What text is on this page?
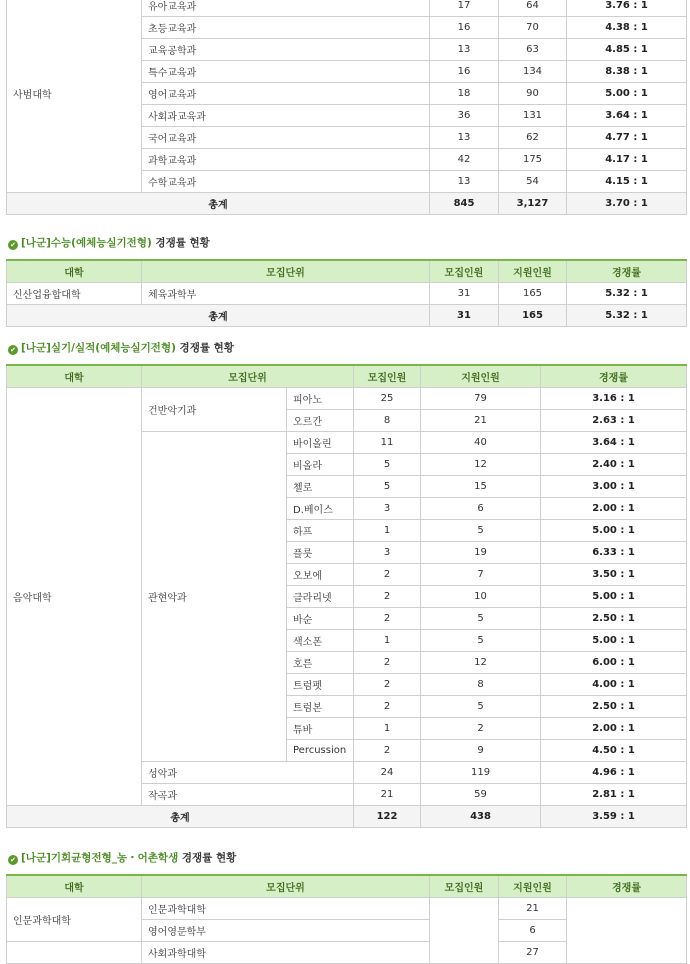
사범대학	유아교육과	17	64	3.76 : 1
	초등교육과	16	70	4.38 : 1
	교육공학과	13	63	4.85 : 1
	특수교육과	16	134	8.38 : 1
	영어교육과	18	90	5.00 : 1
	사회과교육과	36	131	3.64 : 1
	국어교육과	13	62	4.77 : 1
	과학교육과	42	175	4.17 : 1
	수학교육과	13	54	4.15 : 1
총계		845	3,127	3.70 : 1
✔ [나군]수능(예체능실기전형) 경쟁률 현황
대학	모집단위	모집인원	지원인원	경쟁률
신산업융합대학	체육과학부	31	165	5.32 : 1
총계		31	165	5.32 : 1
✔ [나군]실기/실적(예체능실기전형) 경쟁률 현황
대학	모집단위		모집인원	지원인원	경쟁률
음악대학	건반악기과	피아노	25	79	3.16 : 1
		오르간	8	21	2.63 : 1
	관현악과	바이올린	11	40	3.64 : 1
		비올라	5	12	2.40 : 1
		첼로	5	15	3.00 : 1
		D.베이스	3	6	2.00 : 1
		하프	1	5	5.00 : 1
		플룻	3	19	6.33 : 1
		오보에	2	7	3.50 : 1
		클라리넷	2	10	5.00 : 1
		바순	2	5	2.50 : 1
		색소폰	1	5	5.00 : 1
		호른	2	12	6.00 : 1
		트럼펫	2	8	4.00 : 1
		트럼본	2	5	2.50 : 1
		튜바	1	2	2.00 : 1
		Percussion	2	9	4.50 : 1
	성악과		24	119	4.96 : 1
	작곡과		21	59	2.81 : 1
총계			122	438	3.59 : 1
✔ [나군]기회균형전형_농・어촌학생 경쟁률 현황
대학	모집단위	모집인원	지원인원	경쟁률
인문과학대학	인문과학대학		21	
	영어영문학부		6	
	사회과학대학		27	
